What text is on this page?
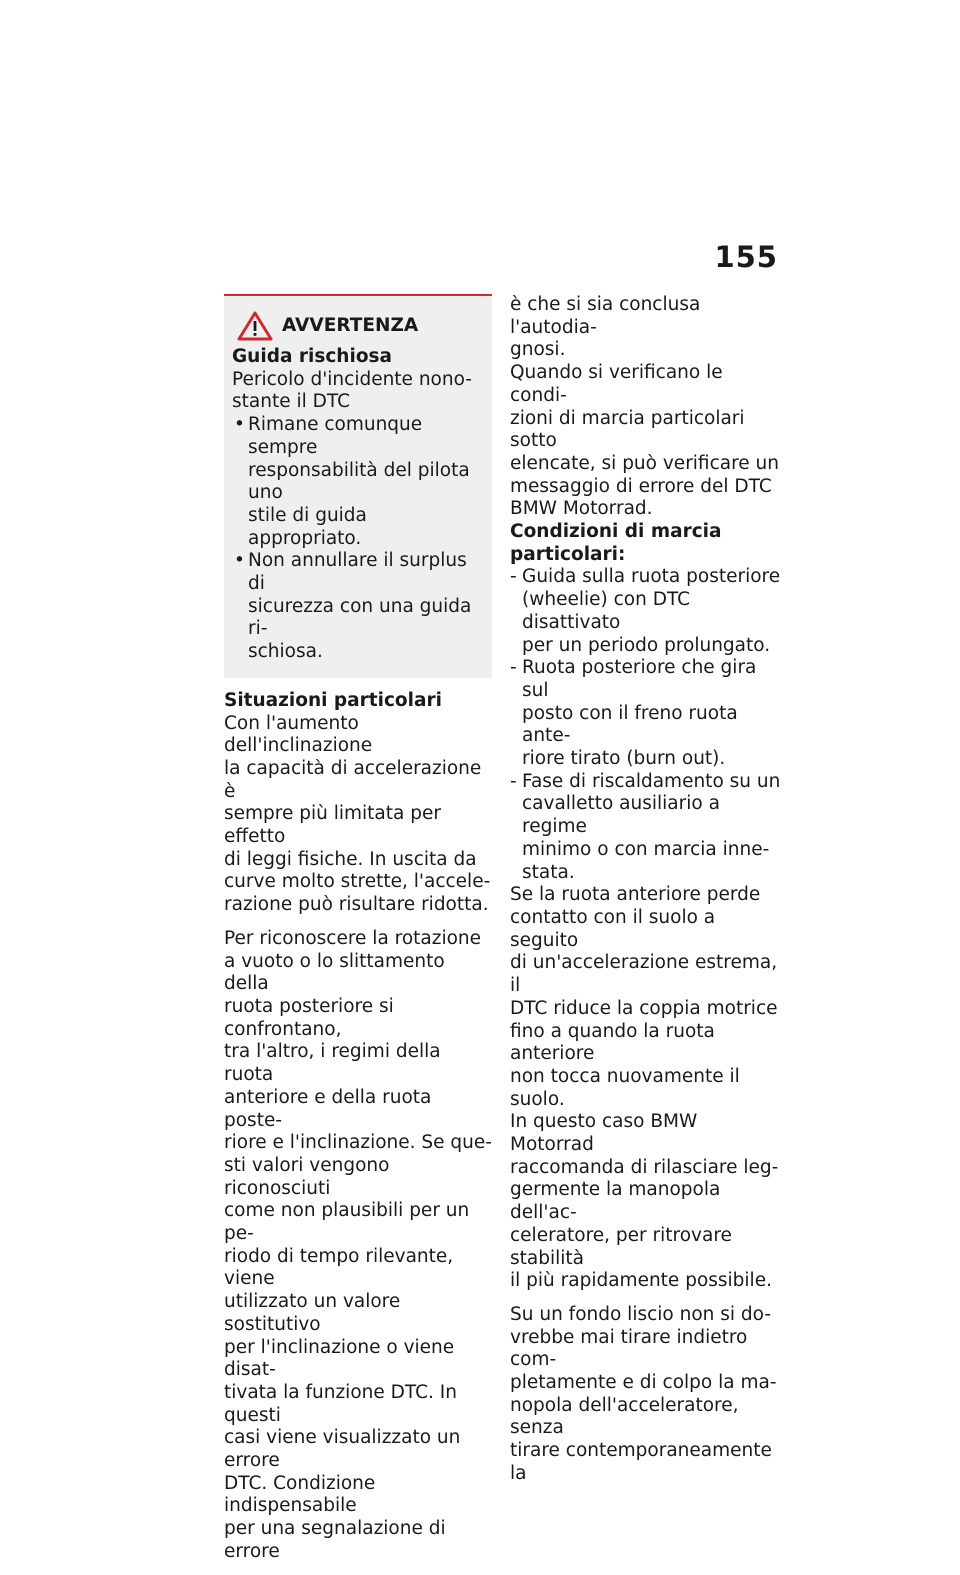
155
AVVERTENZA

Guida rischiosa

Pericolo d'incidente nono-
stante il DTC
• Rimane comunque sempre
responsabilità del pilota uno
stile di guida appropriato.
• Non annullare il surplus di
sicurezza con una guida ri-
schiosa.

Situazioni particolari

Con l'aumento dell'inclinazione
la capacità di accelerazione è
sempre più limitata per effetto
di leggi fisiche. In uscita da
curve molto strette, l'accele-
razione può risultare ridotta.
Per riconoscere la rotazione
a vuoto o lo slittamento della
ruota posteriore si confrontano,
tra l'altro, i regimi della ruota
anteriore e della ruota poste-
riore e l'inclinazione. Se que-
sti valori vengono riconosciuti
come non plausibili per un pe-
riodo di tempo rilevante, viene
utilizzato un valore sostitutivo
per l'inclinazione o viene disat-
tivata la funzione DTC. In questi
casi viene visualizzato un errore
DTC. Condizione indispensabile
per una segnalazione di errore
è che si sia conclusa l'autodia-
gnosi.
Quando si verificano le condi-
zioni di marcia particolari sotto
elencate, si può verificare un
messaggio di errore del DTC
BMW Motorrad.
Condizioni di marcia
particolari:
- Guida sulla ruota posteriore
(wheelie) con DTC disattivato
per un periodo prolungato.
- Ruota posteriore che gira sul
posto con il freno ruota ante-
riore tirato (burn out).
- Fase di riscaldamento su un
cavalletto ausiliario a regime
minimo o con marcia inne-
stata.
Se la ruota anteriore perde
contatto con il suolo a seguito
di un'accelerazione estrema, il
DTC riduce la coppia motrice
fino a quando la ruota anteriore
non tocca nuovamente il suolo.
In questo caso BMW Motorrad
raccomanda di rilasciare leg-
germente la manopola dell'ac-
celeratore, per ritrovare stabilità
il più rapidamente possibile.
Su un fondo liscio non si do-
vrebbe mai tirare indietro com-
pletamente e di colpo la ma-
nopola dell'acceleratore, senza
tirare contemporaneamente la
